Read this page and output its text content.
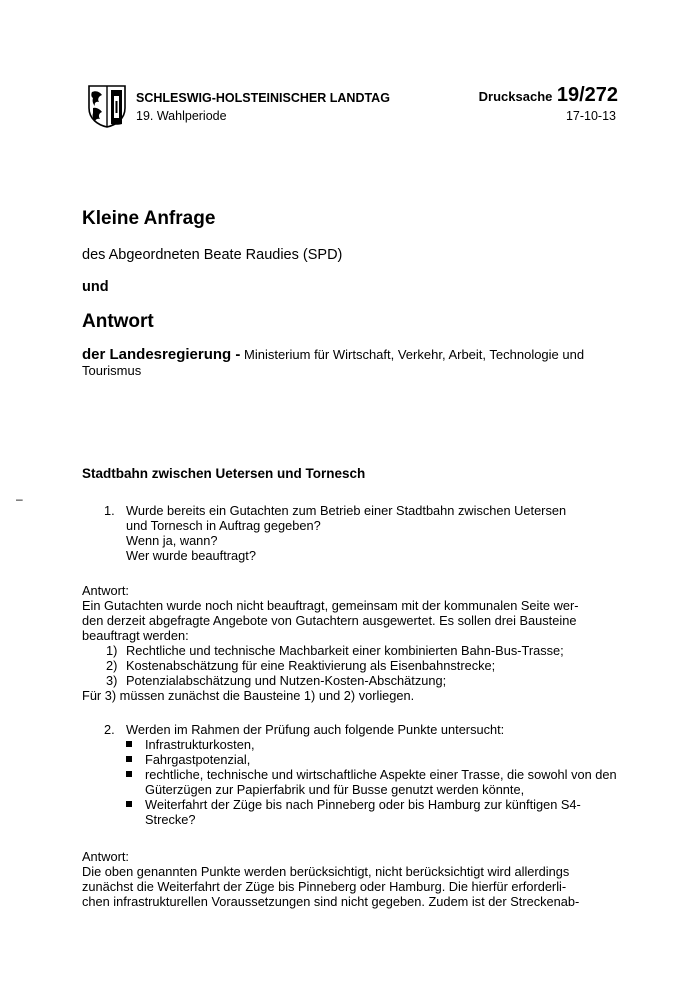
SCHLESWIG-HOLSTEINISCHER LANDTAG
19. Wahlperiode
Drucksache 19/272
17-10-13
Kleine Anfrage
des Abgeordneten Beate Raudies (SPD)
und
Antwort
der Landesregierung - Ministerium für Wirtschaft, Verkehr, Arbeit, Technologie und Tourismus
Stadtbahn zwischen Uetersen und Tornesch
–
1. Wurde bereits ein Gutachten zum Betrieb einer Stadtbahn zwischen Uetersen
und Tornesch in Auftrag gegeben?
Wenn ja, wann?
Wer wurde beauftragt?
Antwort:
Ein Gutachten wurde noch nicht beauftragt, gemeinsam mit der kommunalen Seite wer-
den derzeit abgefragte Angebote von Gutachtern ausgewertet. Es sollen drei Bausteine
beauftragt werden:
1) Rechtliche und technische Machbarkeit einer kombinierten Bahn-Bus-Trasse;
2) Kostenabschätzung für eine Reaktivierung als Eisenbahnstrecke;
3) Potenzialabschätzung und Nutzen-Kosten-Abschätzung;
Für 3) müssen zunächst die Bausteine 1) und 2) vorliegen.
2. Werden im Rahmen der Prüfung auch folgende Punkte untersucht:
Infrastrukturkosten,
Fahrgastpotenzial,
rechtliche, technische und wirtschaftliche Aspekte einer Trasse, die sowohl von den Güterzügen zur Papierfabrik und für Busse genutzt werden könnte,
Weiterfahrt der Züge bis nach Pinneberg oder bis Hamburg zur künftigen S4-Strecke?
Antwort:
Die oben genannten Punkte werden berücksichtigt, nicht berücksichtigt wird allerdings
zunächst die Weiterfahrt der Züge bis Pinneberg oder Hamburg. Die hierfür erforderli-
chen infrastrukturellen Voraussetzungen sind nicht gegeben. Zudem ist der Streckenab-
